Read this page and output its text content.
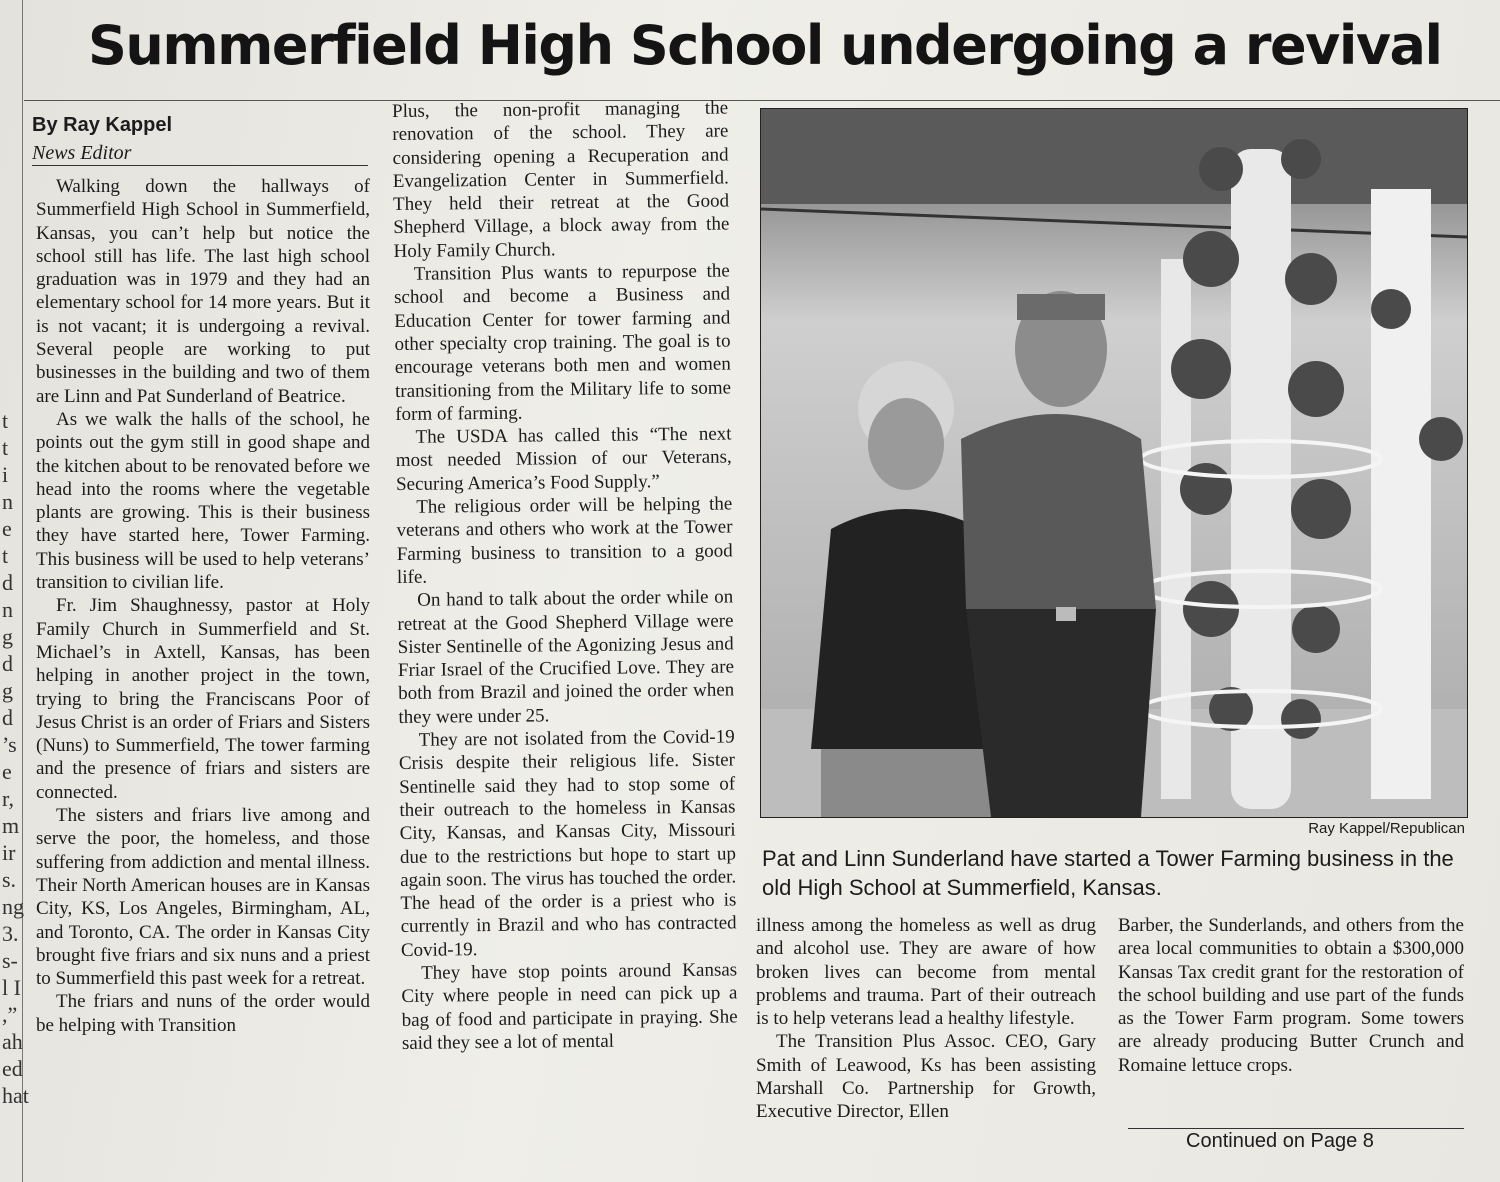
t
t
i
n
e
t
d
n
g
d
g
d
’s
e
r,
m
ir
s.
ng
3.
s-
l I
,”
ah
ed
hat
Summerfield High School undergoing a revival
By Ray Kappel
News Editor

Walking down the hallways of Summerfield High School in Summerfield, Kansas, you can’t help but notice the school still has life. The last high school graduation was in 1979 and they had an elementary school for 14 more years. But it is not vacant; it is undergoing a revival. Several people are working to put businesses in the building and two of them are Linn and Pat Sunderland of Beatrice.

As we walk the halls of the school, he points out the gym still in good shape and the kitchen about to be renovated before we head into the rooms where the vegetable plants are growing. This is their business they have started here, Tower Farming. This business will be used to help veterans’ transition to civilian life.

Fr. Jim Shaughnessy, pastor at Holy Family Church in Summerfield and St. Michael’s in Axtell, Kansas, has been helping in another project in the town, trying to bring the Franciscans Poor of Jesus Christ is an order of Friars and Sisters (Nuns) to Summerfield, The tower farming and the presence of friars and sisters are connected.

The sisters and friars live among and serve the poor, the homeless, and those suffering from addiction and mental illness. Their North American houses are in Kansas City, KS, Los Angeles, Birmingham, AL, and Toronto, CA. The order in Kansas City brought five friars and six nuns and a priest to Summerfield this past week for a retreat.

The friars and nuns of the order would be helping with Transition

Plus, the non-profit managing the renovation of the school. They are considering opening a Recuperation and Evangelization Center in Summerfield. They held their retreat at the Good Shepherd Village, a block away from the Holy Family Church.

Transition Plus wants to repurpose the school and become a Business and Education Center for tower farming and other specialty crop training. The goal is to encourage veterans both men and women transitioning from the Military life to some form of farming.

The USDA has called this “The next most needed Mission of our Veterans, Securing America’s Food Supply.”

The religious order will be helping the veterans and others who work at the Tower Farming business to transition to a good life.

On hand to talk about the order while on retreat at the Good Shepherd Village were Sister Sentinelle of the Agonizing Jesus and Friar Israel of the Crucified Love. They are both from Brazil and joined the order when they were under 25.

They are not isolated from the Covid-19 Crisis despite their religious life. Sister Sentinelle said they had to stop some of their outreach to the homeless in Kansas City, Kansas, and Kansas City, Missouri due to the restrictions but hope to start up again soon. The virus has touched the order. The head of the order is a priest who is currently in Brazil and who has contracted Covid-19.

They have stop points around Kansas City where people in need can pick up a bag of food and participate in praying. She said they see a lot of mental

illness among the homeless as well as drug and alcohol use. They are aware of how broken lives can become from mental problems and trauma. Part of their outreach is to help veterans lead a healthy lifestyle.

The Transition Plus Assoc. CEO, Gary Smith of Leawood, Ks has been assisting Marshall Co. Partnership for Growth, Executive Director, Ellen

Barber, the Sunderlands, and others from the area local communities to obtain a $300,000 Kansas Tax credit grant for the restoration of the school building and use part of the funds as the Tower Farm program. Some towers are already producing Butter Crunch and Romaine lettuce crops.

Ray Kappel/Republican
Pat and Linn Sunderland have started a Tower Farming business in the old High School at Summerfield, Kansas.
Continued on Page 8
